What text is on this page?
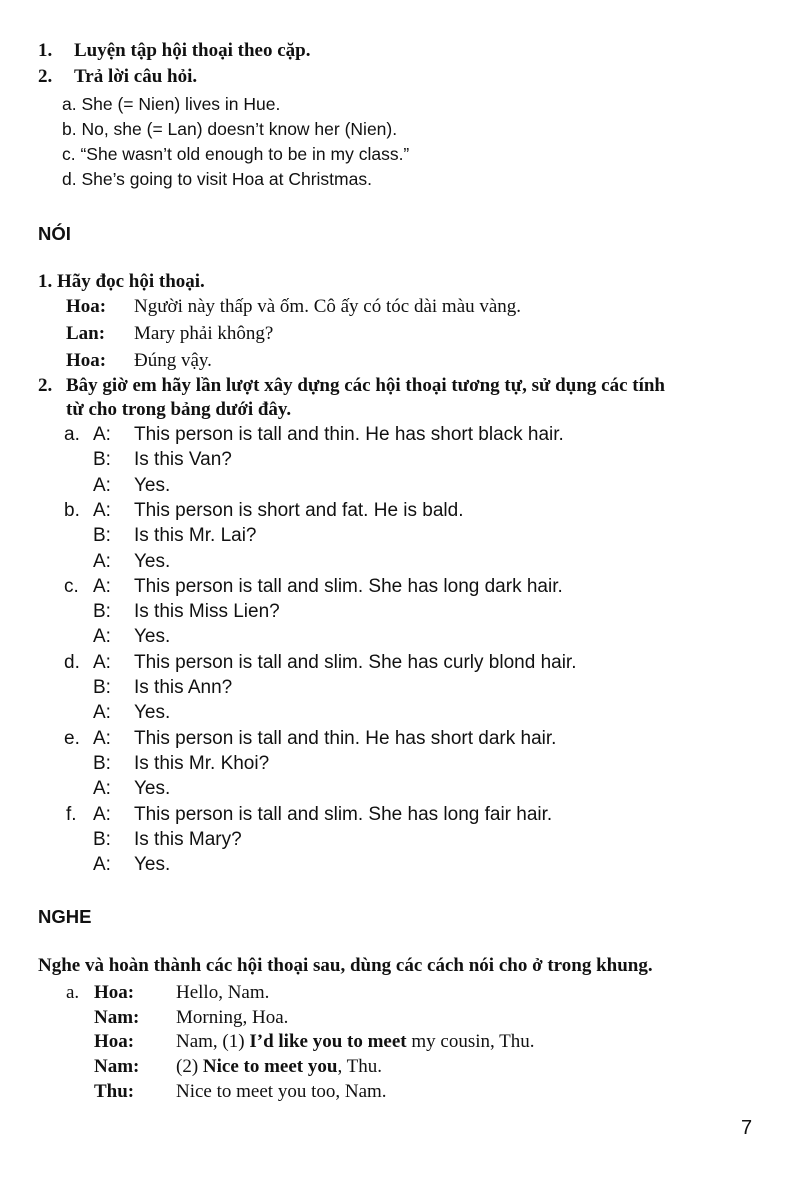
1. Luyện tập hội thoại theo cặp.
2. Trả lời câu hỏi.
a. She (= Nien) lives in Hue.
b. No, she (= Lan) doesn’t know her (Nien).
c. “She wasn’t old enough to be in my class.”
d. She’s going to visit Hoa at Christmas.
NÓI
1. Hãy đọc hội thoại.
Hoa: Người này thấp và ốm. Cô ấy có tóc dài màu vàng.
Lan: Mary phải không?
Hoa: Đúng vậy.
2. Bây giờ em hãy lần lượt xây dựng các hội thoại tương tự, sử dụng các tính
từ cho trong bảng dưới đây.
a. A: This person is tall and thin. He has short black hair.
B: Is this Van?
A: Yes.
b. A: This person is short and fat. He is bald.
B: Is this Mr. Lai?
A: Yes.
c. A: This person is tall and slim. She has long dark hair.
B: Is this Miss Lien?
A: Yes.
d. A: This person is tall and slim. She has curly blond hair.
B: Is this Ann?
A: Yes.
e. A: This person is tall and thin. He has short dark hair.
B: Is this Mr. Khoi?
A: Yes.
f. A: This person is tall and slim. She has long fair hair.
B: Is this Mary?
A: Yes.
NGHE
Nghe và hoàn thành các hội thoại sau, dùng các cách nói cho ở trong khung.
a. Hoa: Hello, Nam.
Nam: Morning, Hoa.
Hoa: Nam, (1) I’d like you to meet my cousin, Thu.
Nam: (2) Nice to meet you, Thu.
Thu: Nice to meet you too, Nam.
7
